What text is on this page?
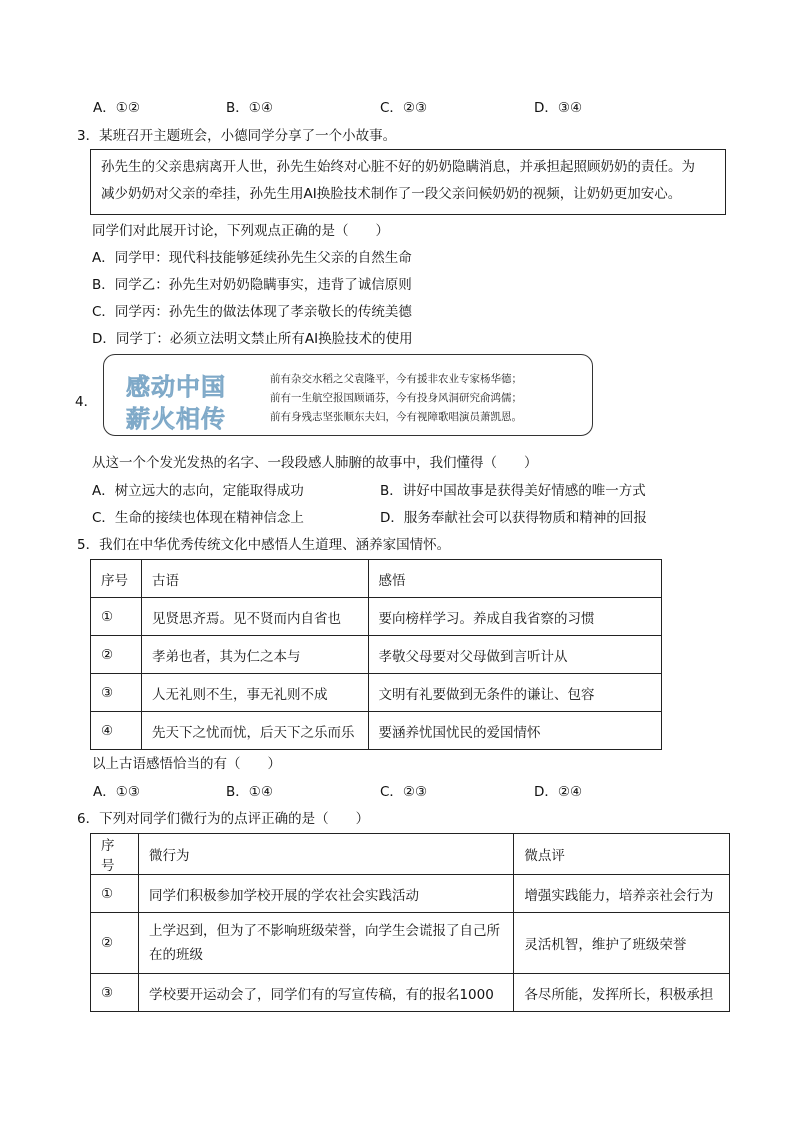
A．①②	B．①④	C．②③	D．③④
3．某班召开主题班会，小德同学分享了一个小故事。
孙先生的父亲患病离开人世，孙先生始终对心脏不好的奶奶隐瞒消息，并承担起照顾奶奶的责任。为
减少奶奶对父亲的牵挂，孙先生用AI换脸技术制作了一段父亲问候奶奶的视频，让奶奶更加安心。
同学们对此展开讨论，下列观点正确的是（　　）
A．同学甲：现代科技能够延续孙先生父亲的自然生命
B．同学乙：孙先生对奶奶隐瞒事实，违背了诚信原则
C．同学丙：孙先生的做法体现了孝亲敬长的传统美德
D．同学丁：必须立法明文禁止所有AI换脸技术的使用
4．
感动中国
薪火相传
前有杂交水稻之父袁隆平，今有援非农业专家杨华德；
前有一生航空报国顾诵芬，今有投身风洞研究俞鸿儒；
前有身残志坚张顺东夫妇，今有视障歌唱演员萧凯恩。
从这一个个发光发热的名字、一段段感人肺腑的故事中，我们懂得（　　）
A．树立远大的志向，定能取得成功	B．讲好中国故事是获得美好情感的唯一方式
C．生命的接续也体现在精神信念上	D．服务奉献社会可以获得物质和精神的回报
5．我们在中华优秀传统文化中感悟人生道理、涵养家国情怀。
序号	古语	感悟
①	见贤思齐焉。见不贤而内自省也	要向榜样学习。养成自我省察的习惯
②	孝弟也者，其为仁之本与	孝敬父母要对父母做到言听计从
③	人无礼则不生，事无礼则不成	文明有礼要做到无条件的谦让、包容
④	先天下之忧而忧，后天下之乐而乐	要涵养忧国忧民的爱国情怀
以上古语感悟恰当的有（　　）
A．①③	B．①④	C．②③	D．②④
6．下列对同学们微行为的点评正确的是（　　）
序号	微行为	微点评
①	同学们积极参加学校开展的学农社会实践活动	增强实践能力，培养亲社会行为
②	上学迟到，但为了不影响班级荣誉，向学生会谎报了自己所在的班级	灵活机智，维护了班级荣誉
③	学校要开运动会了，同学们有的写宣传稿，有的报名1000	各尽所能，发挥所长，积极承担
